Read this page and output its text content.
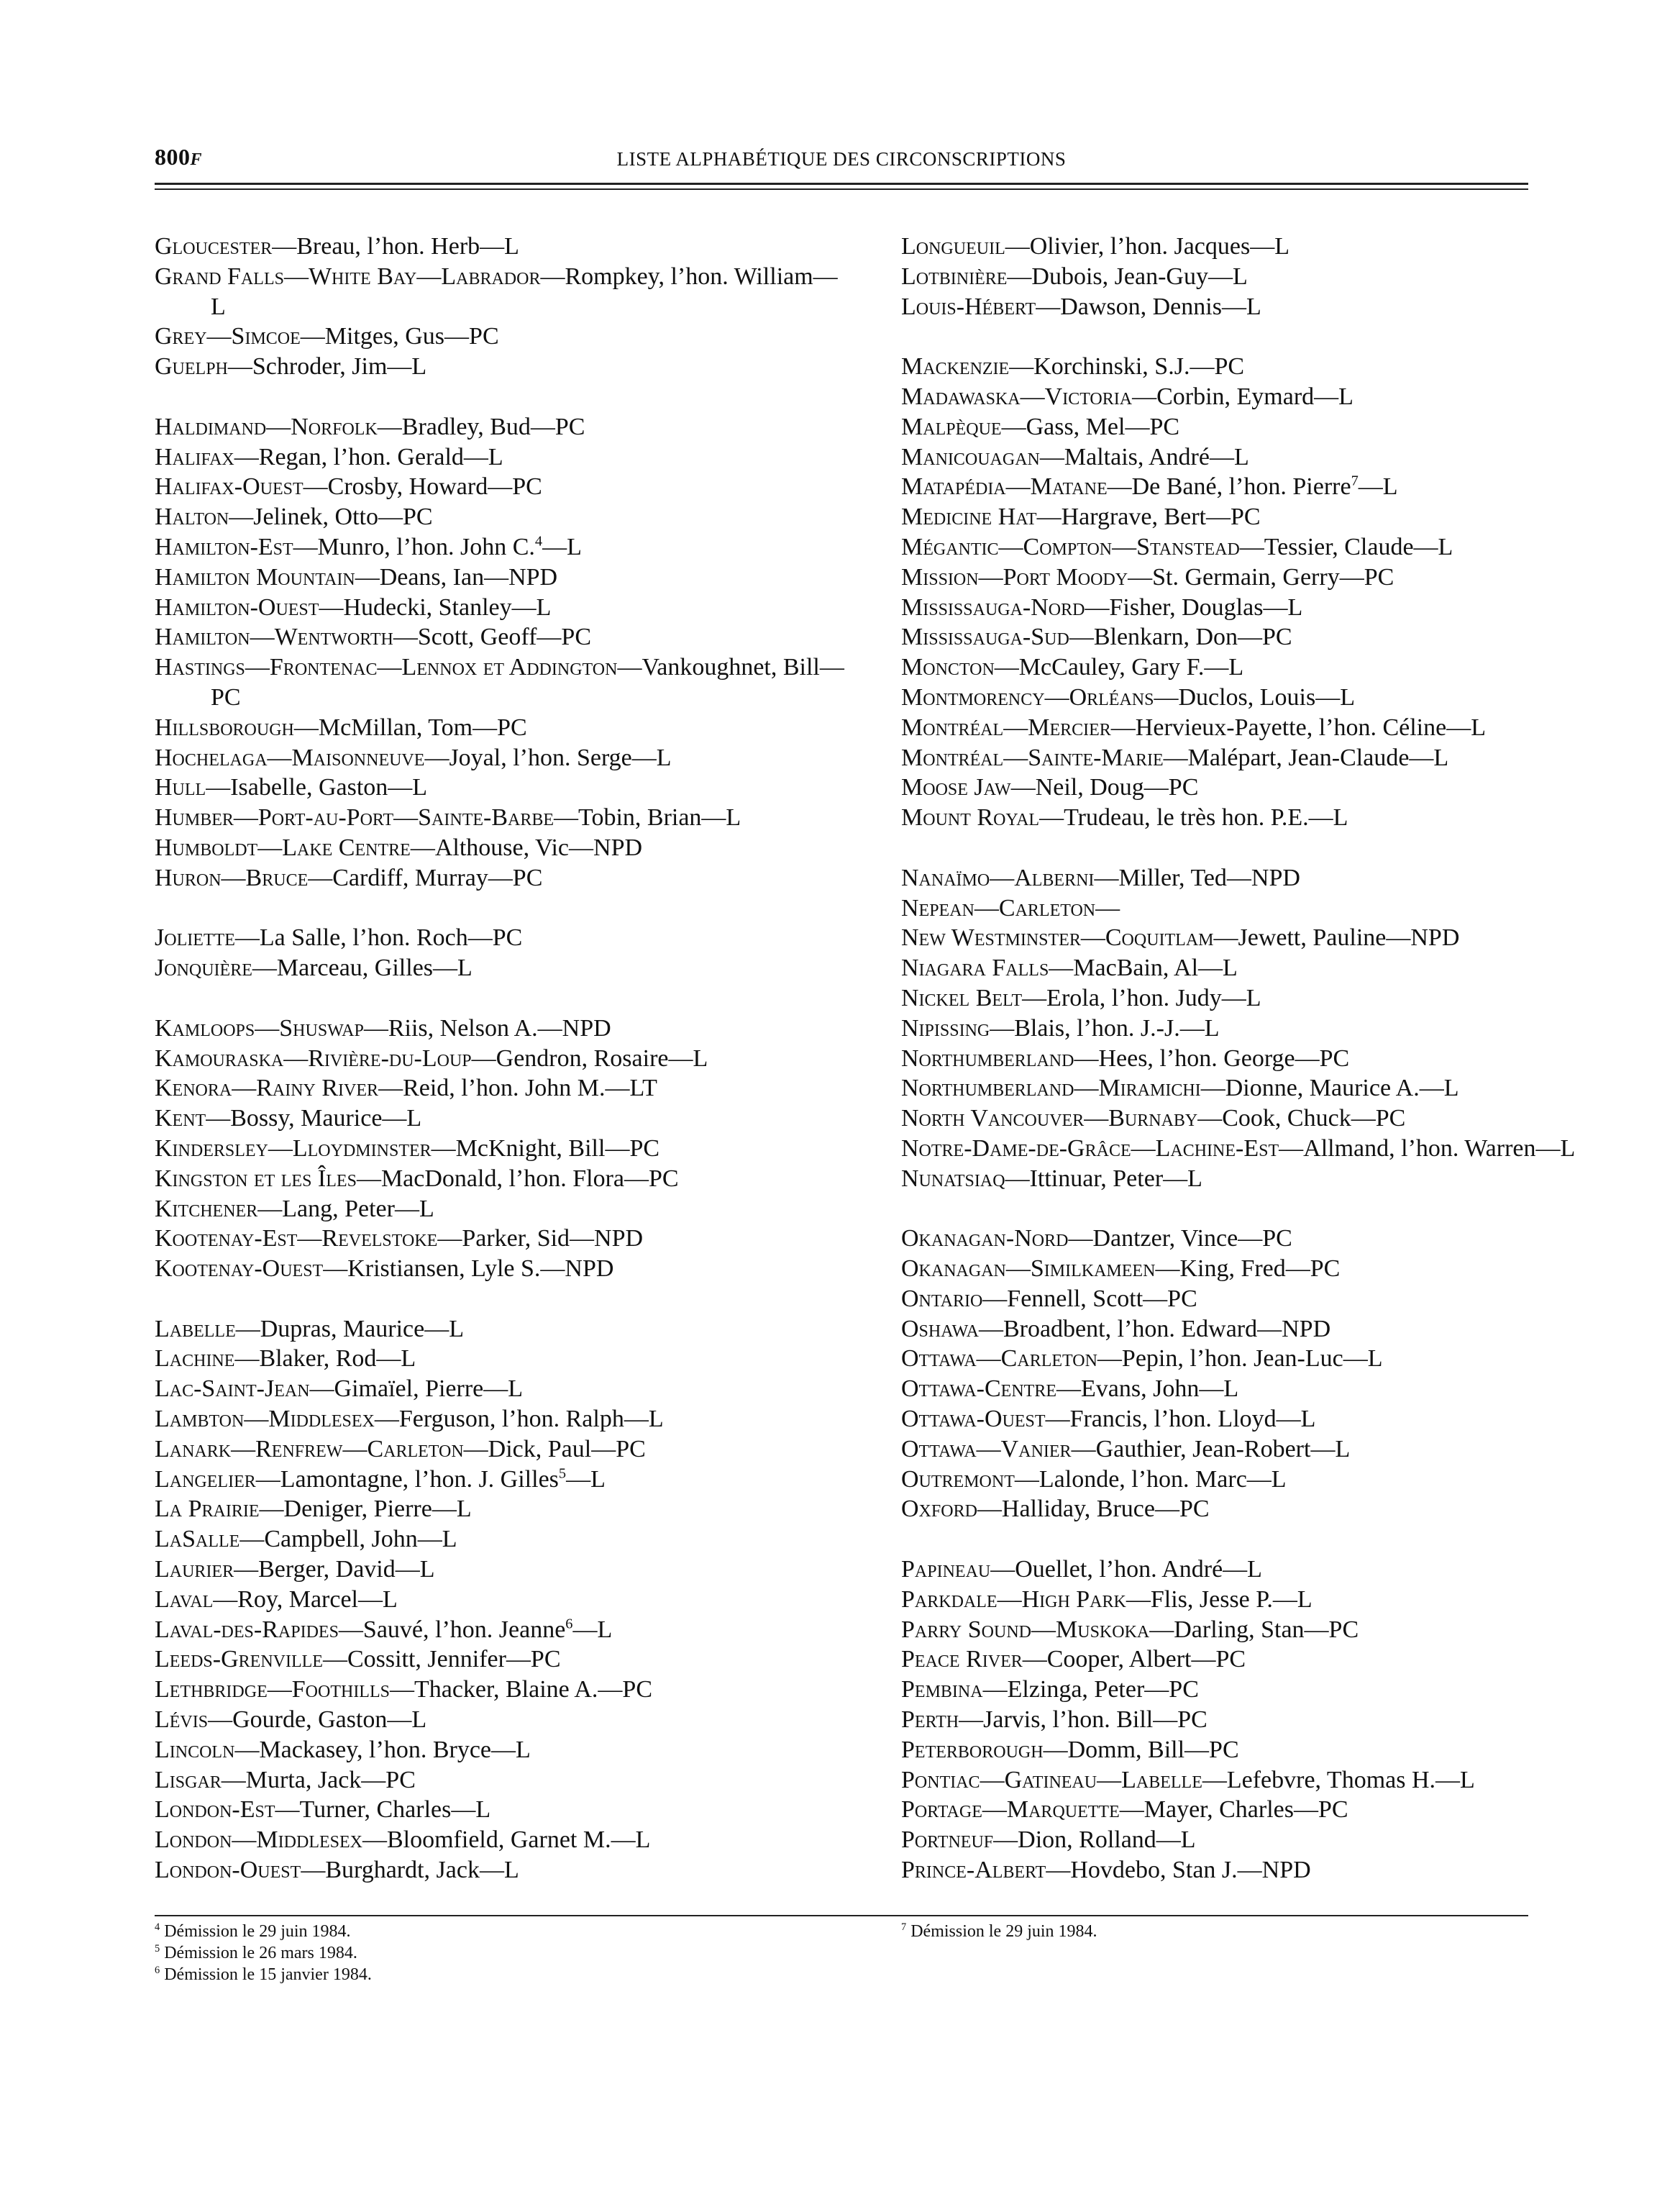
800F	LISTE ALPHABÉTIQUE DES CIRCONSCRIPTIONS
Gloucester—Breau, l’hon. Herb—L
Grand Falls—White Bay—Labrador—Rompkey, l’hon. William—L
Grey—Simcoe—Mitges, Gus—PC
Guelph—Schroder, Jim—L
Haldimand—Norfolk—Bradley, Bud—PC
Halifax—Regan, l’hon. Gerald—L
Halifax-Ouest—Crosby, Howard—PC
Halton—Jelinek, Otto—PC
Hamilton-Est—Munro, l’hon. John C.$^4$—L
Hamilton Mountain—Deans, Ian—NPD
Hamilton-Ouest—Hudecki, Stanley—L
Hamilton—Wentworth—Scott, Geoff—PC
Hastings—Frontenac—Lennox et Addington—Vankoughnet, Bill—PC
Hillsborough—McMillan, Tom—PC
Hochelaga—Maisonneuve—Joyal, l’hon. Serge—L
Hull—Isabelle, Gaston—L
Humber—Port-au-Port—Sainte-Barbe—Tobin, Brian—L
Humboldt—Lake Centre—Althouse, Vic—NPD
Huron—Bruce—Cardiff, Murray—PC
Joliette—La Salle, l’hon. Roch—PC
Jonquière—Marceau, Gilles—L
Kamloops—Shuswap—Riis, Nelson A.—NPD
Kamouraska—Rivière-du-Loup—Gendron, Rosaire—L
Kenora—Rainy River—Reid, l’hon. John M.—LT
Kent—Bossy, Maurice—L
Kindersley—Lloydminster—McKnight, Bill—PC
Kingston et les Îles—MacDonald, l’hon. Flora—PC
Kitchener—Lang, Peter—L
Kootenay-Est—Revelstoke—Parker, Sid—NPD
Kootenay-Ouest—Kristiansen, Lyle S.—NPD
Labelle—Dupras, Maurice—L
Lachine—Blaker, Rod—L
Lac-Saint-Jean—Gimaïel, Pierre—L
Lambton—Middlesex—Ferguson, l’hon. Ralph—L
Lanark—Renfrew—Carleton—Dick, Paul—PC
Langelier—Lamontagne, l’hon. J. Gilles$^5$—L
La Prairie—Deniger, Pierre—L
LaSalle—Campbell, John—L
Laurier—Berger, David—L
Laval—Roy, Marcel—L
Laval-des-Rapides—Sauvé, l’hon. Jeanne$^6$—L
Leeds-Grenville—Cossitt, Jennifer—PC
Lethbridge—Foothills—Thacker, Blaine A.—PC
Lévis—Gourde, Gaston—L
Lincoln—Mackasey, l’hon. Bryce—L
Lisgar—Murta, Jack—PC
London-Est—Turner, Charles—L
London—Middlesex—Bloomfield, Garnet M.—L
London-Ouest—Burghardt, Jack—L
Longueuil—Olivier, l’hon. Jacques—L
Lotbinière—Dubois, Jean-Guy—L
Louis-Hébert—Dawson, Dennis—L
Mackenzie—Korchinski, S.J.—PC
Madawaska—Victoria—Corbin, Eymard—L
Malpèque—Gass, Mel—PC
Manicouagan—Maltais, André—L
Matapédia—Matane—De Bané, l’hon. Pierre$^7$—L
Medicine Hat—Hargrave, Bert—PC
Mégantic—Compton—Stanstead—Tessier, Claude—L
Mission—Port Moody—St. Germain, Gerry—PC
Mississauga-Nord—Fisher, Douglas—L
Mississauga-Sud—Blenkarn, Don—PC
Moncton—McCauley, Gary F.—L
Montmorency—Orléans—Duclos, Louis—L
Montréal—Mercier—Hervieux-Payette, l’hon. Céline—L
Montréal—Sainte-Marie—Malépart, Jean-Claude—L
Moose Jaw—Neil, Doug—PC
Mount Royal—Trudeau, le très hon. P.E.—L
Nanaïmo—Alberni—Miller, Ted—NPD
Nepean—Carleton—
New Westminster—Coquitlam—Jewett, Pauline—NPD
Niagara Falls—MacBain, Al—L
Nickel Belt—Erola, l’hon. Judy—L
Nipissing—Blais, l’hon. J.-J.—L
Northumberland—Hees, l’hon. George—PC
Northumberland—Miramichi—Dionne, Maurice A.—L
North Vancouver—Burnaby—Cook, Chuck—PC
Notre-Dame-de-Grâce—Lachine-Est—Allmand, l’hon. Warren—L
Nunatsiaq—Ittinuar, Peter—L
Okanagan-Nord—Dantzer, Vince—PC
Okanagan—Similkameen—King, Fred—PC
Ontario—Fennell, Scott—PC
Oshawa—Broadbent, l’hon. Edward—NPD
Ottawa—Carleton—Pepin, l’hon. Jean-Luc—L
Ottawa-Centre—Evans, John—L
Ottawa-Ouest—Francis, l’hon. Lloyd—L
Ottawa—Vanier—Gauthier, Jean-Robert—L
Outremont—Lalonde, l’hon. Marc—L
Oxford—Halliday, Bruce—PC
Papineau—Ouellet, l’hon. André—L
Parkdale—High Park—Flis, Jesse P.—L
Parry Sound—Muskoka—Darling, Stan—PC
Peace River—Cooper, Albert—PC
Pembina—Elzinga, Peter—PC
Perth—Jarvis, l’hon. Bill—PC
Peterborough—Domm, Bill—PC
Pontiac—Gatineau—Labelle—Lefebvre, Thomas H.—L
Portage—Marquette—Mayer, Charles—PC
Portneuf—Dion, Rolland—L
Prince-Albert—Hovdebo, Stan J.—NPD
$^4$ Démission le 29 juin 1984.
$^5$ Démission le 26 mars 1984.
$^6$ Démission le 15 janvier 1984.
$^7$ Démission le 29 juin 1984.
